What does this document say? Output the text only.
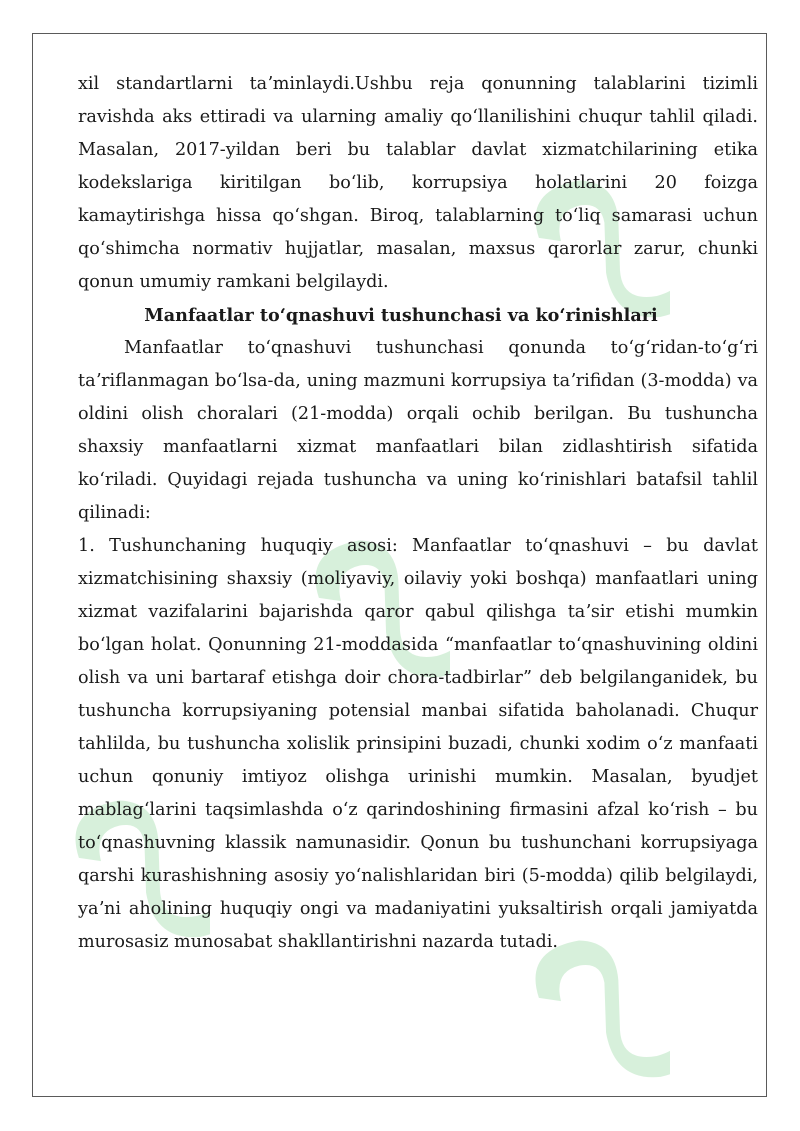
xil standartlarni taʼminlaydi.Ushbu reja qonunning talablarini tizimli ravishda aks ettiradi va ularning amaliy qoʻllanilishini chuqur tahlil qiladi. Masalan, 2017-yildan beri bu talablar davlat xizmatchilarining etika kodekslariga kiritilgan boʻlib, korrupsiya holatlarini 20 foizga kamaytirishga hissa qoʻshgan. Biroq, talablarning toʻliq samarasi uchun qoʻshimcha normativ hujjatlar, masalan, maxsus qarorlar zarur, chunki qonun umumiy ramkani belgilaydi.

Manfaatlar toʻqnashuvi tushunchasi va koʻrinishlari

Manfaatlar toʻqnashuvi tushunchasi qonunda toʻgʻridan-toʻgʻri taʼriflanmagan boʻlsa-da, uning mazmuni korrupsiya taʼrifidan (3-modda) va oldini olish choralari (21-modda) orqali ochib berilgan. Bu tushuncha shaxsiy manfaatlarni xizmat manfaatlari bilan zidlashtirish sifatida koʻriladi. Quyidagi rejada tushuncha va uning koʻrinishlari batafsil tahlil qilinadi:

1. Tushunchaning huquqiy asosi: Manfaatlar toʻqnashuvi – bu davlat xizmatchisining shaxsiy (moliyaviy, oilaviy yoki boshqa) manfaatlari uning xizmat vazifalarini bajarishda qaror qabul qilishga taʼsir etishi mumkin boʻlgan holat. Qonunning 21-moddasida “manfaatlar toʻqnashuvining oldini olish va uni bartaraf etishga doir chora-tadbirlar” deb belgilanganidek, bu tushuncha korrupsiyaning potensial manbai sifatida baholanadi. Chuqur tahlilda, bu tushuncha xolislik prinsipini buzadi, chunki xodim oʻz manfaati uchun qonuniy imtiyoz olishga urinishi mumkin. Masalan, byudjet mablagʻlarini taqsimlashda oʻz qarindoshining firmasini afzal koʻrish – bu toʻqnashuvning klassik namunasidir. Qonun bu tushunchani korrupsiyaga qarshi kurashishning asosiy yoʻnalishlaridan biri (5-modda) qilib belgilaydi, yaʼni aholining huquqiy ongi va madaniyatini yuksaltirish orqali jamiyatda murosasiz munosabat shakllantirishni nazarda tutadi.
